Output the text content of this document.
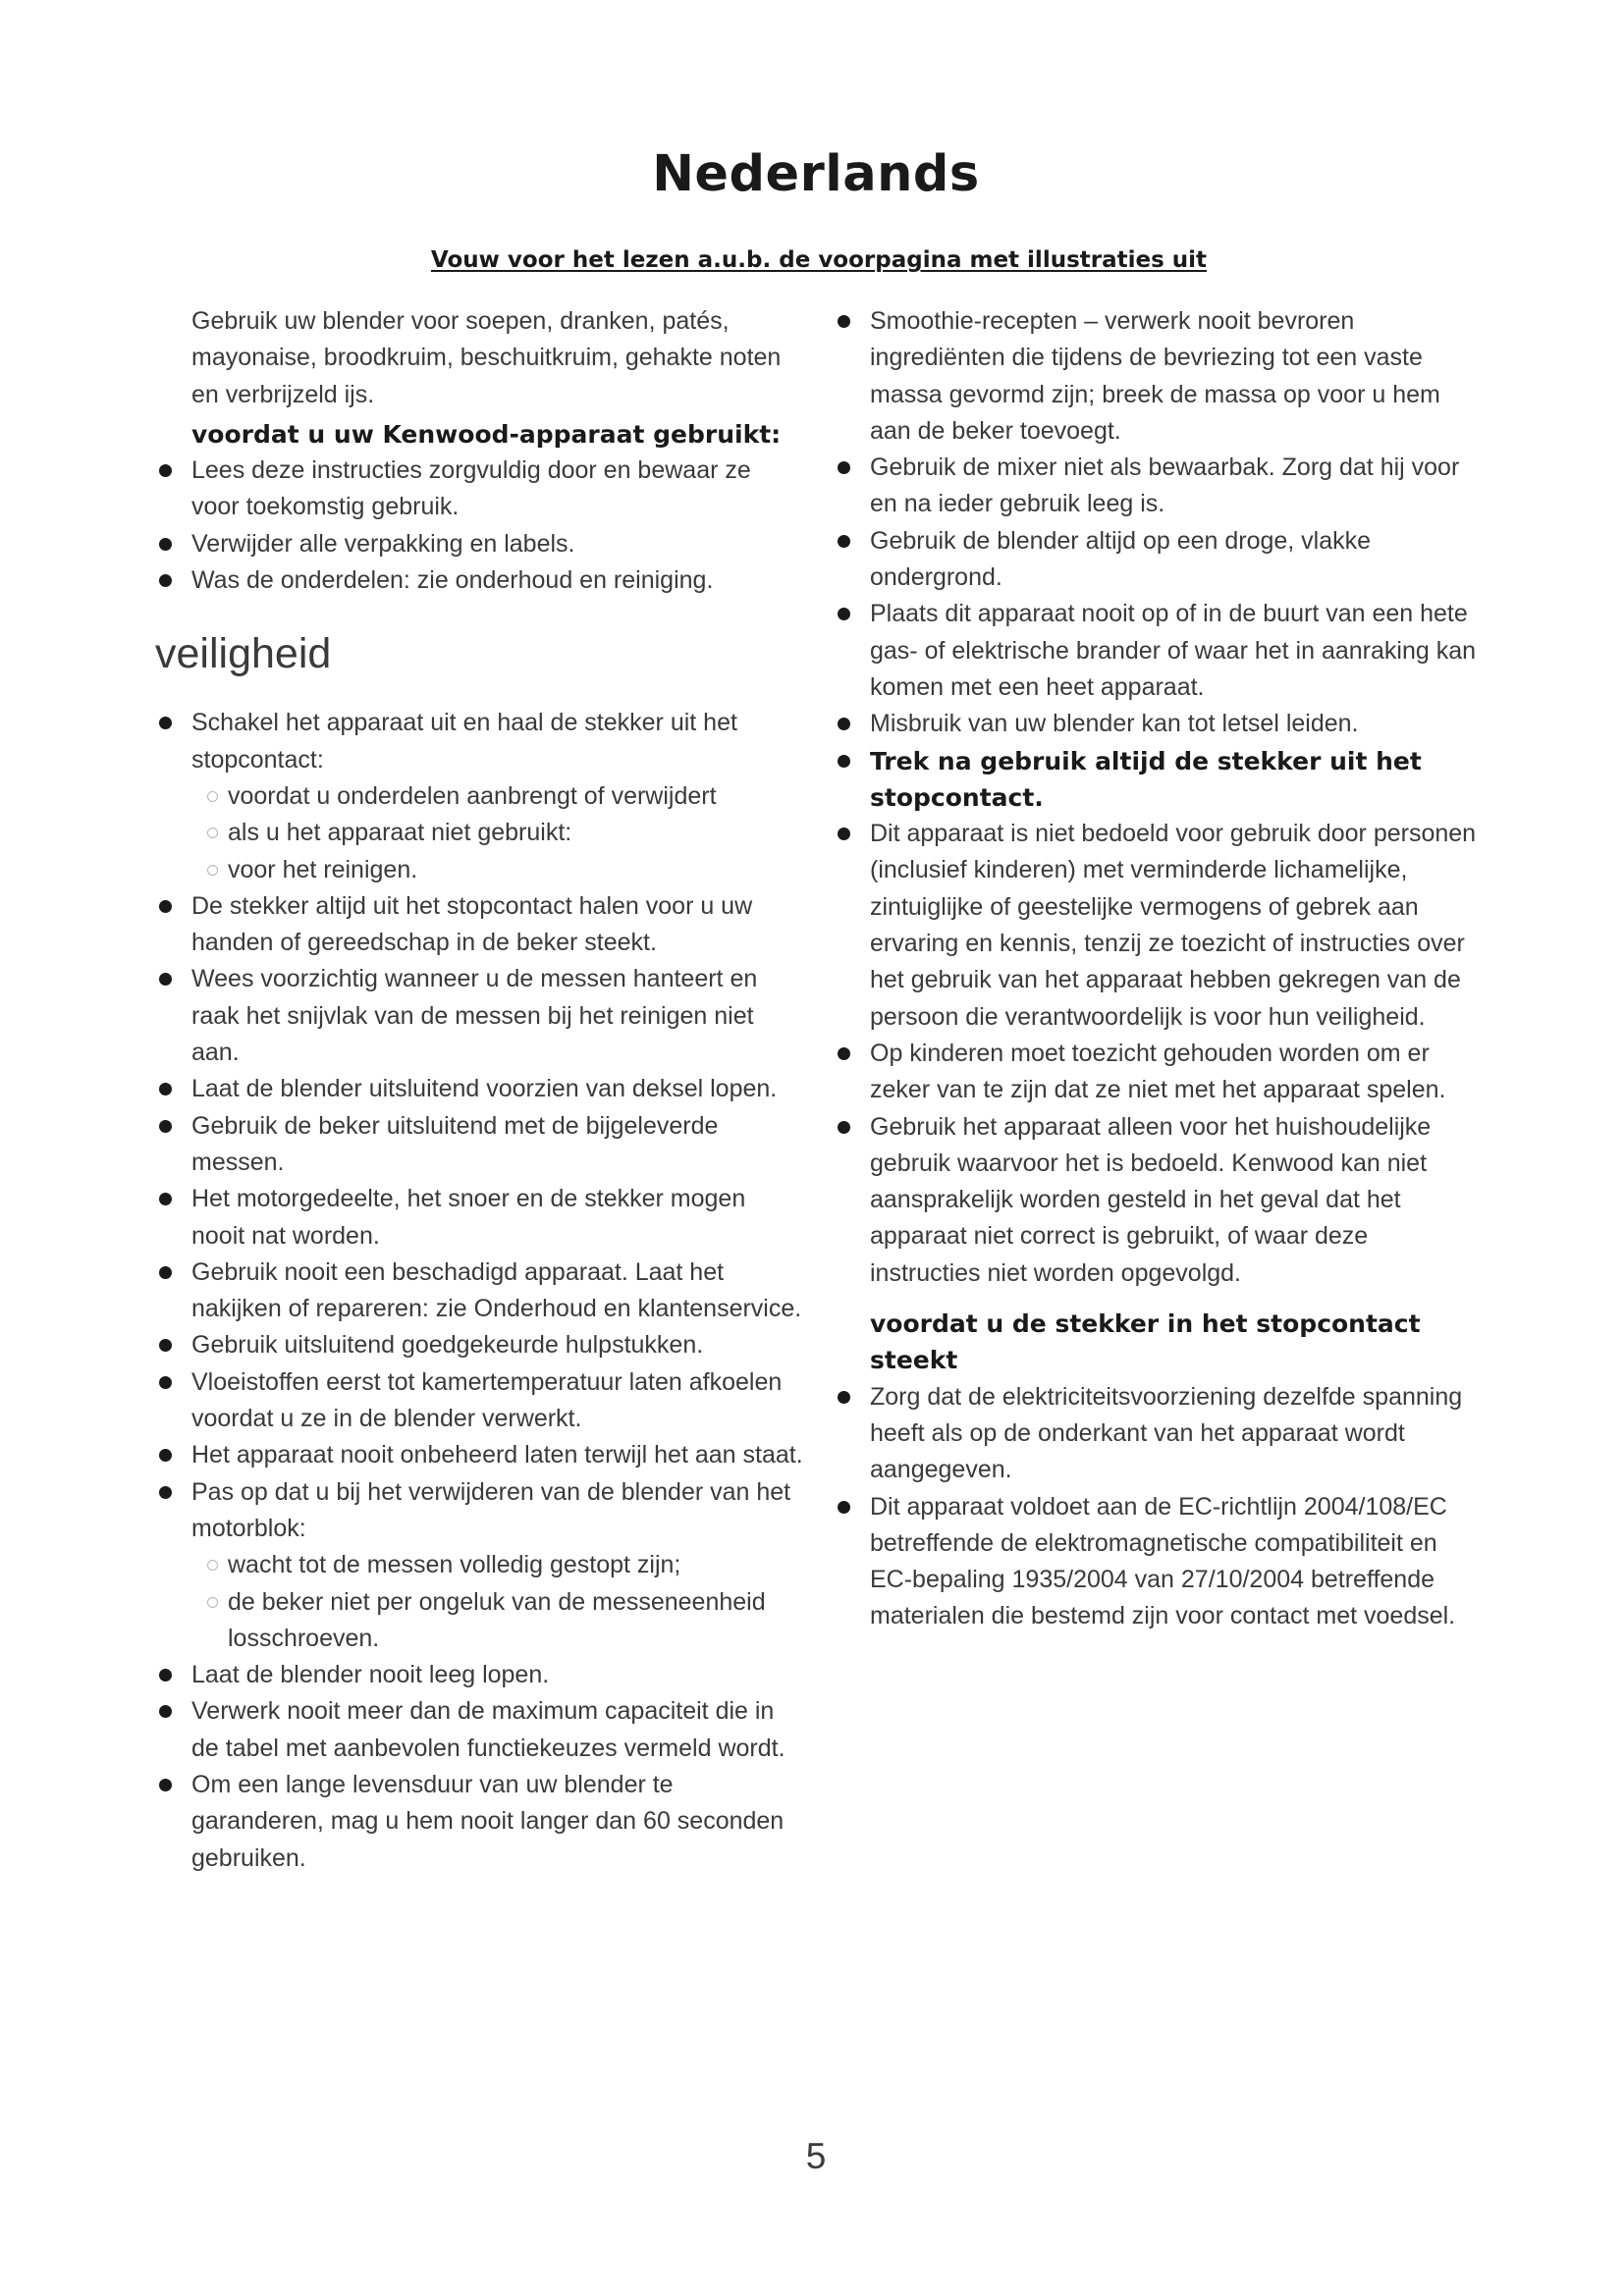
Nederlands
Vouw voor het lezen a.u.b. de voorpagina met illustraties uit

Gebruik uw blender voor soepen, dranken, patés, mayonaise, broodkruim, beschuitkruim, gehakte noten en verbrijzeld ijs.

voordat u uw Kenwood-apparaat gebruikt:
Lees deze instructies zorgvuldig door en bewaar ze voor toekomstig gebruik.
Verwijder alle verpakking en labels.
Was de onderdelen: zie onderhoud en reiniging.
veiligheid
Schakel het apparaat uit en haal de stekker uit het stopcontact:
voordat u onderdelen aanbrengt of verwijdert
als u het apparaat niet gebruikt:
voor het reinigen.
De stekker altijd uit het stopcontact halen voor u uw handen of gereedschap in de beker steekt.
Wees voorzichtig wanneer u de messen hanteert en raak het snijvlak van de messen bij het reinigen niet aan.
Laat de blender uitsluitend voorzien van deksel lopen.
Gebruik de beker uitsluitend met de bijgeleverde messen.
Het motorgedeelte, het snoer en de stekker mogen nooit nat worden.
Gebruik nooit een beschadigd apparaat. Laat het nakijken of repareren: zie Onderhoud en klantenservice.
Gebruik uitsluitend goedgekeurde hulpstukken.
Vloeistoffen eerst tot kamertemperatuur laten afkoelen voordat u ze in de blender verwerkt.
Het apparaat nooit onbeheerd laten terwijl het aan staat.
Pas op dat u bij het verwijderen van de blender van het motorblok:
wacht tot de messen volledig gestopt zijn;
de beker niet per ongeluk van de messeneenheid losschroeven.
Laat de blender nooit leeg lopen.
Verwerk nooit meer dan de maximum capaciteit die in de tabel met aanbevolen functiekeuzes vermeld wordt.
Om een lange levensduur van uw blender te garanderen, mag u hem nooit langer dan 60 seconden gebruiken.
Smoothie-recepten – verwerk nooit bevroren ingrediënten die tijdens de bevriezing tot een vaste massa gevormd zijn; breek de massa op voor u hem aan de beker toevoegt.
Gebruik de mixer niet als bewaarbak. Zorg dat hij voor en na ieder gebruik leeg is.
Gebruik de blender altijd op een droge, vlakke ondergrond.
Plaats dit apparaat nooit op of in de buurt van een hete gas- of elektrische brander of waar het in aanraking kan komen met een heet apparaat.
Misbruik van uw blender kan tot letsel leiden.
Trek na gebruik altijd de stekker uit het stopcontact.
Dit apparaat is niet bedoeld voor gebruik door personen (inclusief kinderen) met verminderde lichamelijke, zintuiglijke of geestelijke vermogens of gebrek aan ervaring en kennis, tenzij ze toezicht of instructies over het gebruik van het apparaat hebben gekregen van de persoon die verantwoordelijk is voor hun veiligheid.
Op kinderen moet toezicht gehouden worden om er zeker van te zijn dat ze niet met het apparaat spelen.
Gebruik het apparaat alleen voor het huishoudelijke gebruik waarvoor het is bedoeld. Kenwood kan niet aansprakelijk worden gesteld in het geval dat het apparaat niet correct is gebruikt, of waar deze instructies niet worden opgevolgd.
voordat u de stekker in het stopcontact steekt
Zorg dat de elektriciteitsvoorziening dezelfde spanning heeft als op de onderkant van het apparaat wordt aangegeven.
Dit apparaat voldoet aan de EC-richtlijn 2004/108/EC betreffende de elektromagnetische compatibiliteit en EC-bepaling 1935/2004 van 27/10/2004 betreffende materialen die bestemd zijn voor contact met voedsel.
5
